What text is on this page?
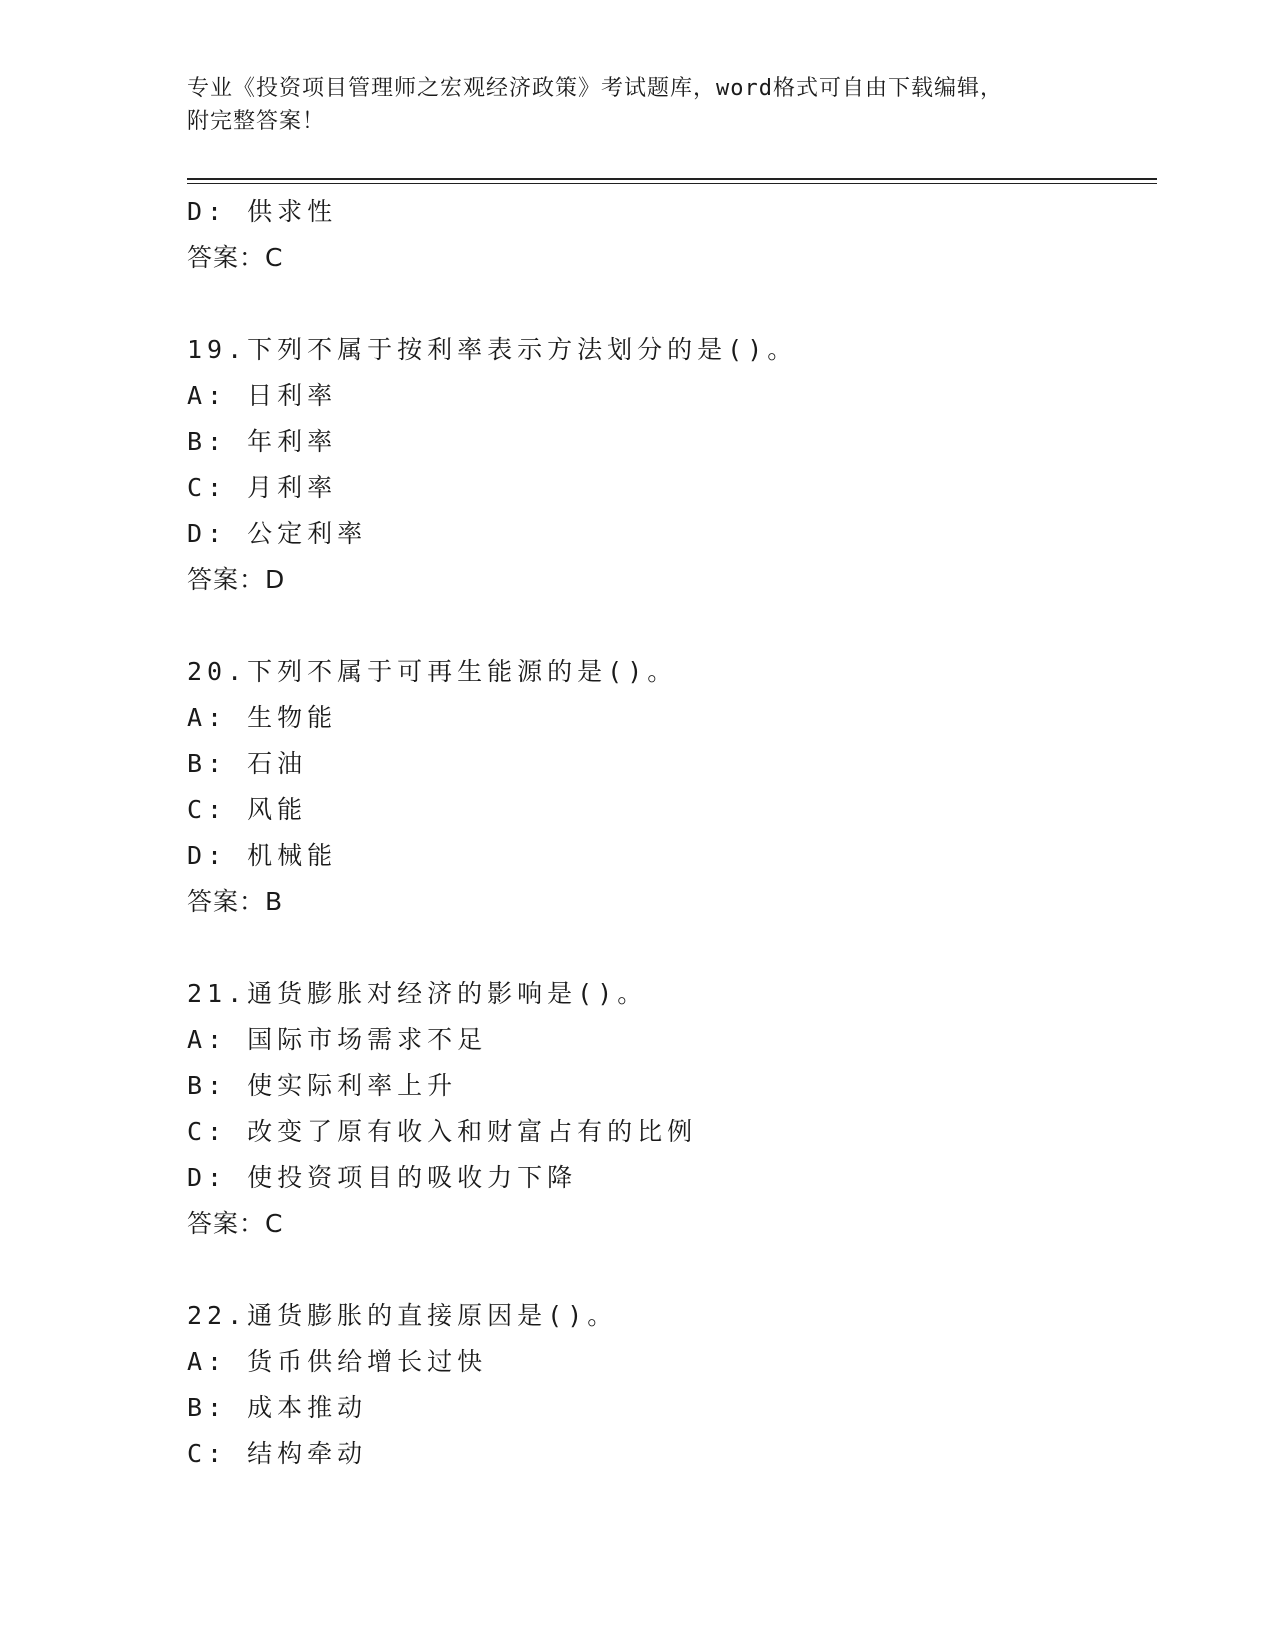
专业《投资项目管理师之宏观经济政策》考试题库，word格式可自由下载编辑，
附完整答案！
D: 供求性
答案：C
19.下列不属于按利率表示方法划分的是()。
A: 日利率
B: 年利率
C: 月利率
D: 公定利率
答案：D
20.下列不属于可再生能源的是()。
A: 生物能
B: 石油
C: 风能
D: 机械能
答案：B
21.通货膨胀对经济的影响是()。
A: 国际市场需求不足
B: 使实际利率上升
C: 改变了原有收入和财富占有的比例
D: 使投资项目的吸收力下降
答案：C
22.通货膨胀的直接原因是()。
A: 货币供给增长过快
B: 成本推动
C: 结构牵动
